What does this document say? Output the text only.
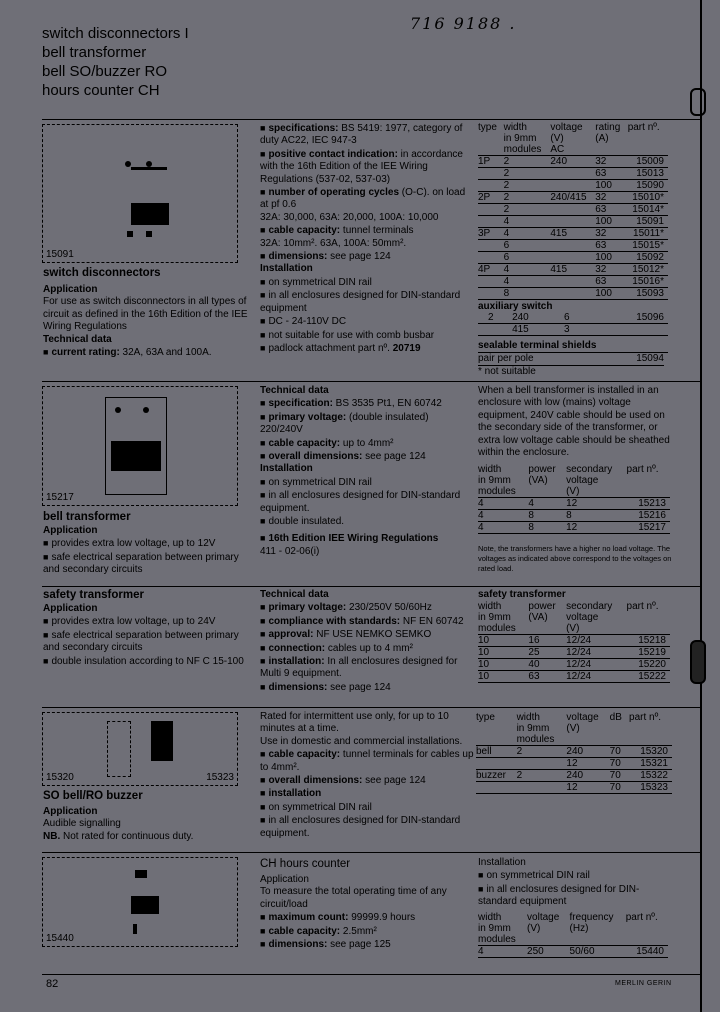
switch disconnectors I
bell transformer
bell SO/buzzer RO
hours counter CH
716 9188 .
15091
switch disconnectors
Application
For use as switch disconnectors in all types of circuit as defined in the 16th Edition of the IEE Wiring Regulations
Technical data
■ current rating: 32A, 63A and 100A.
■ specifications: BS 5419: 1977, category of duty AC22, IEC 947-3
■ positive contact indication: in accordance with the 16th Edition of the IEE Wiring Regulations (537-02, 537-03)
■ number of operating cycles (O-C). on load at pf 0.6
32A: 30,000, 63A: 20,000, 100A: 10,000
■ cable capacity: tunnel terminals
32A: 10mm². 63A, 100A: 50mm².
■ dimensions: see page 124
Installation
■ on symmetrical DIN rail
■ in all enclosures designed for DIN-standard equipment
■ DC - 24-110V DC
■ not suitable for use with comb busbar
■ padlock attachment part nº. 20719
type	width
in 9mm
modules	voltage
(V)
AC	rating
(A)	part nº.
1P	2	240	32	15009
	2		63	15013
	2		100	15090
2P	2	240/415	32	15010*
	2		63	15014*
	4		100	15091
3P	4	415	32	15011*
	6		63	15015*
	6		100	15092
4P	4	415	32	15012*
	4		63	15016*
	8		100	15093
auxiliary switch
	2	240	6	15096
		415	3	
sealable terminal shields
pair per pole	15094
* not suitable
15217
bell transformer
Application
■ provides extra low voltage, up to 12V
■ safe electrical separation between primary and secondary circuits
Technical data
■ specification: BS 3535 Pt1, EN 60742
■ primary voltage: (double insulated) 220/240V
■ cable capacity: up to 4mm²
■ overall dimensions: see page 124
Installation
■ on symmetrical DIN rail
■ in all enclosures designed for DIN-standard equipment.
■ double insulated.
■ 16th Edition IEE Wiring Regulations
411 - 02-06(i)
When a bell transformer is installed in an enclosure with low (mains) voltage equipment, 240V cable should be used on the secondary side of the transformer, or extra low voltage cable should be sheathed within the enclosure.
width
in 9mm
modules	power
(VA)	secondary
voltage
(V)	part nº.
4	4	12	15213
4	8	8	15216
4	8	12	15217
Note, the transformers have a higher no load voltage. The voltages as indicated above correspond to the voltages on rated load.
safety transformer
Application
■ provides extra low voltage, up to 24V
■ safe electrical separation between primary and secondary circuits
■ double insulation according to NF C 15-100
Technical data
■ primary voltage: 230/250V 50/60Hz
■ compliance with standards: NF EN 60742
■ approval: NF USE NEMKO SEMKO
■ connection: cables up to 4 mm²
■ installation: In all enclosures designed for Multi 9 equipment.
■ dimensions: see page 124
safety transformer
width
in 9mm
modules	power
(VA)	secondary
voltage
(V)	part nº.
10	16	12/24	15218
10	25	12/24	15219
10	40	12/24	15220
10	63	12/24	15222
15320	15323
SO bell/RO buzzer
Application
Audible signalling
NB. Not rated for continuous duty.
Rated for intermittent use only, for up to 10 minutes at a time.
Use in domestic and commercial installations.
■ cable capacity: tunnel terminals for cables up to 4mm².
■ overall dimensions: see page 124
■ installation
■ on symmetrical DIN rail
■ in all enclosures designed for DIN-standard equipment.
type	width
in 9mm
modules	voltage
(V)	dB	part nº.
bell	2	240	70	15320
		12	70	15321
buzzer	2	240	70	15322
		12	70	15323
15440
CH hours counter
Application
To measure the total operating time of any circuit/load
■ maximum count: 99999.9 hours
■ cable capacity: 2.5mm²
■ dimensions: see page 125
Installation
■ on symmetrical DIN rail
■ in all enclosures designed for DIN-standard equipment
width
in 9mm
modules	voltage
(V)	frequency
(Hz)	part nº.
4	250	50/60	15440
82	MERLIN GERIN
